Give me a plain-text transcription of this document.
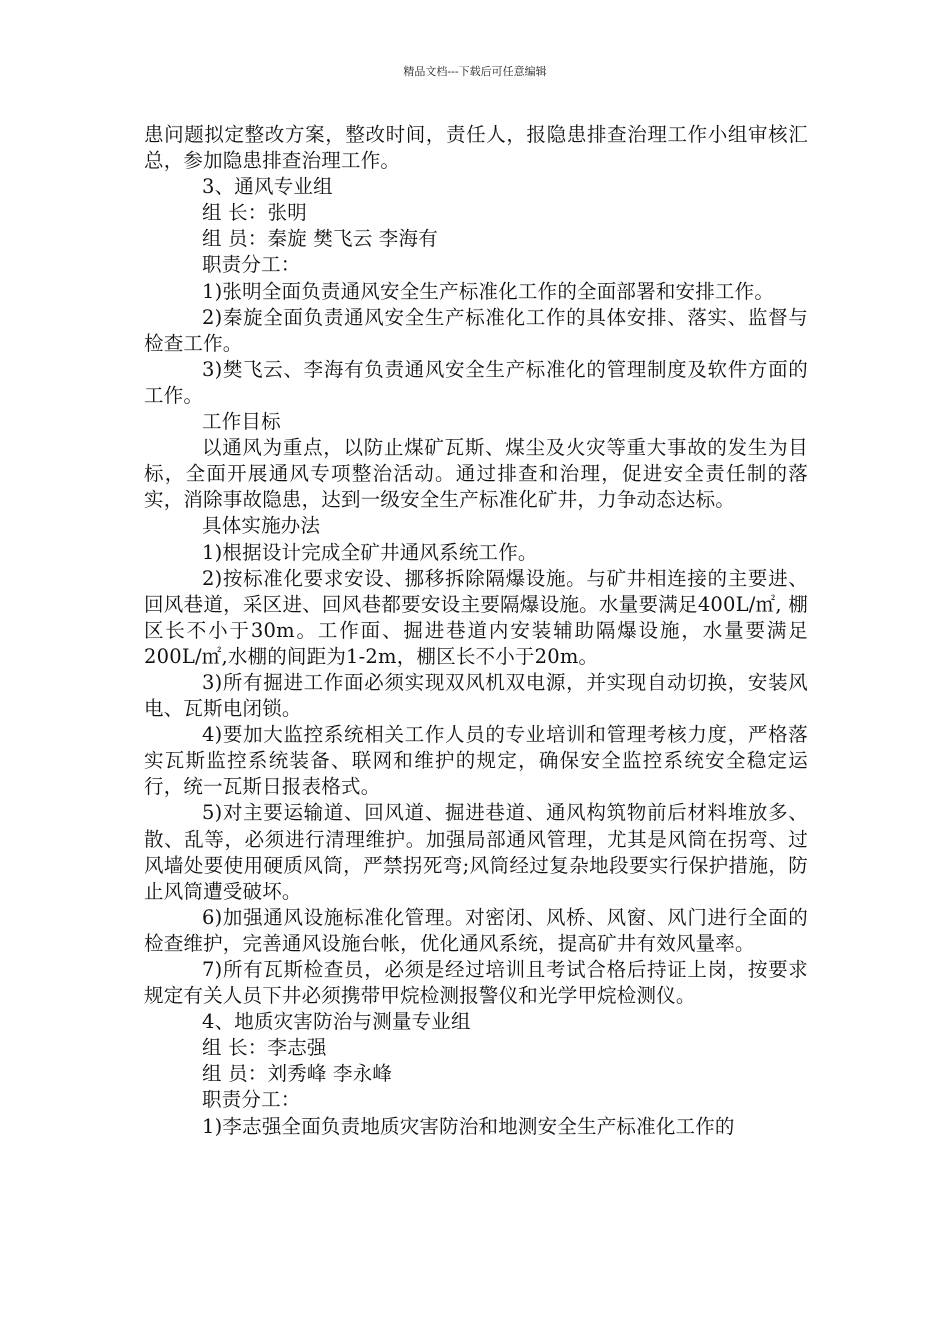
精品文档---下载后可任意编辑

患问题拟定整改方案，整改时间，责任人，报隐患排查治理工作小组审核汇总，参加隐患排查治理工作。

3、通风专业组

组 长：张明

组 员：秦旋 樊飞云 李海有

职责分工：

1)张明全面负责通风安全生产标准化工作的全面部署和安排工作。

2)秦旋全面负责通风安全生产标准化工作的具体安排、落实、监督与检查工作。

3)樊飞云、李海有负责通风安全生产标准化的管理制度及软件方面的工作。

工作目标

以通风为重点，以防止煤矿瓦斯、煤尘及火灾等重大事故的发生为目标，全面开展通风专项整治活动。通过排查和治理，促进安全责任制的落实，消除事故隐患，达到一级安全生产标准化矿井，力争动态达标。

具体实施办法

1)根据设计完成全矿井通风系统工作。

2)按标准化要求安设、挪移拆除隔爆设施。与矿井相连接的主要进、回风巷道，采区进、回风巷都要安设主要隔爆设施。水量要满足400L/㎡, 棚区长不小于30m。工作面、掘进巷道内安装辅助隔爆设施，水量要满足200L/㎡,水棚的间距为1-2m，棚区长不小于20m。

3)所有掘进工作面必须实现双风机双电源，并实现自动切换，安装风电、瓦斯电闭锁。

4)要加大监控系统相关工作人员的专业培训和管理考核力度，严格落实瓦斯监控系统装备、联网和维护的规定，确保安全监控系统安全稳定运行，统一瓦斯日报表格式。

5)对主要运输道、回风道、掘进巷道、通风构筑物前后材料堆放多、散、乱等，必须进行清理维护。加强局部通风管理，尤其是风筒在拐弯、过风墙处要使用硬质风筒，严禁拐死弯;风筒经过复杂地段要实行保护措施，防止风筒遭受破坏。

6)加强通风设施标准化管理。对密闭、风桥、风窗、风门进行全面的检查维护，完善通风设施台帐，优化通风系统，提高矿井有效风量率。

7)所有瓦斯检查员，必须是经过培训且考试合格后持证上岗，按要求规定有关人员下井必须携带甲烷检测报警仪和光学甲烷检测仪。

4、地质灾害防治与测量专业组

组 长：李志强

组 员：刘秀峰 李永峰

职责分工：

1)李志强全面负责地质灾害防治和地测安全生产标准化工作的
